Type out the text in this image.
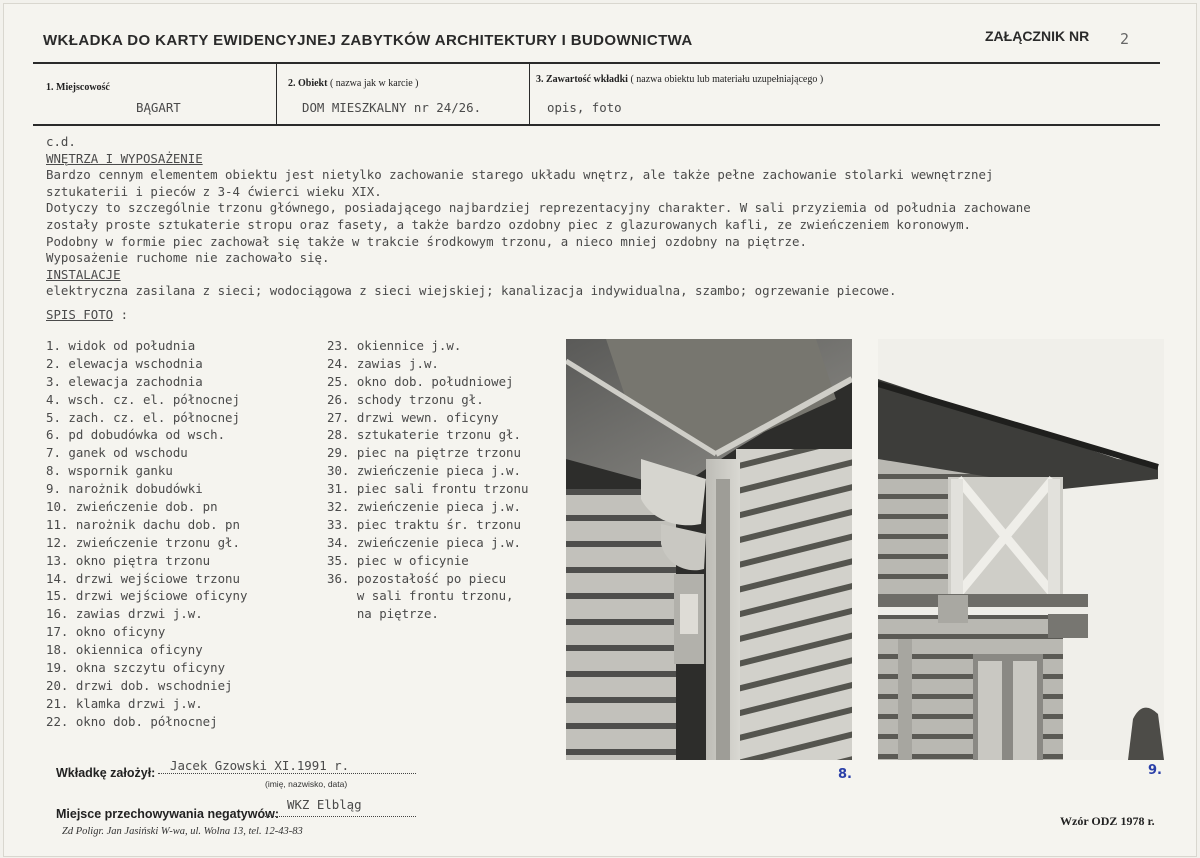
WKŁADKA DO KARTY EWIDENCYJNEJ ZABYTKÓW ARCHITEKTURY I BUDOWNICTWA	ZAŁĄCZNIK NR 2
1. Miejscowość
BĄGART
2. Obiekt ( nazwa jak w karcie )
DOM MIESZKALNY nr 24/26.
3. Zawartość wkładki ( nazwa obiektu lub materiału uzupełniającego )
opis, foto
c.d.
WNĘTRZA I WYPOSAŻENIE
Bardzo cennym elementem obiektu jest nietylko zachowanie starego układu wnętrz, ale także pełne zachowanie stolarki wewnętrznej
sztukaterii i pieców z 3-4 ćwierci wieku XIX.
Dotyczy to szczególnie trzonu głównego, posiadającego najbardziej reprezentacyjny charakter. W sali przyziemia od południa zachowane
zostały proste sztukaterie stropu oraz fasety, a także bardzo ozdobny piec z glazurowanych kafli, ze zwieńczeniem koronowym.
Podobny w formie piec zachował się także w trakcie środkowym trzonu, a nieco mniej ozdobny na piętrze.
Wyposażenie ruchome nie zachowało się.
INSTALACJE
elektryczna zasilana z sieci; wodociągowa z sieci wiejskiej; kanalizacja indywidualna, szambo; ogrzewanie piecowe.
SPIS FOTO :
1. widok od południa
2. elewacja wschodnia
3. elewacja zachodnia
4. wsch. cz. el. północnej
5. zach. cz. el. północnej
6. pd dobudówka od wsch.
7. ganek od wschodu
8. wspornik ganku
9. narożnik dobudówki
10. zwieńczenie dob. pn
11. narożnik dachu dob. pn
12. zwieńczenie trzonu gł.
13. okno piętra trzonu
14. drzwi wejściowe trzonu
15. drzwi wejściowe oficyny
16. zawias drzwi j.w.
17. okno oficyny
18. okiennica oficyny
19. okna szczytu oficyny
20. drzwi dob. wschodniej
21. klamka drzwi j.w.
22. okno dob. północnej
23. okiennice j.w.
24. zawias j.w.
25. okno dob. południowej
26. schody trzonu gł.
27. drzwi wewn. oficyny
28. sztukaterie trzonu gł.
29. piec na piętrze trzonu
30. zwieńczenie pieca j.w.
31. piec sali frontu trzonu
32. zwieńczenie pieca j.w.
33. piec traktu śr. trzonu
34. zwieńczenie pieca j.w.
35. piec w oficynie
36. pozostałość po piecu
w sali frontu trzonu,
na piętrze.
8.	9.
Wkładkę założył: Jacek Gzowski XI.1991 r.
(imię, nazwisko, data)
Miejsce przechowywania negatywów:
WKZ Elbląg
Zd Poligr. Jan Jasiński W-wa, ul. Wolna 13, tel. 12-43-83
Wzór ODZ 1978 r.
